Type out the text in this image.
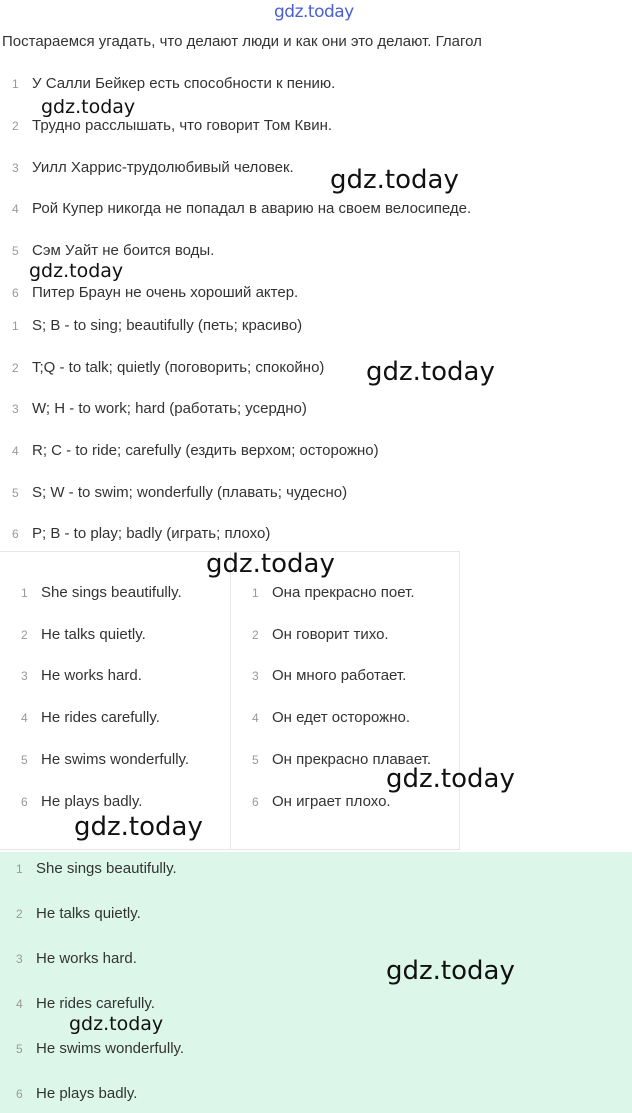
gdz.today
Постараемся угадать, что делают люди и как они это делают. Глагол
1 У Салли Бейкер есть способности к пению.
2 Трудно расслышать, что говорит Том Квин.
3 Уилл Харрис-трудолюбивый человек.
4 Рой Купер никогда не попадал в аварию на своем велосипеде.
5 Сэм Уайт не боится воды.
6 Питер Браун не очень хороший актер.
1 S; B - to sing; beautifully (петь; красиво)
2 T;Q - to talk; quietly (поговорить; спокойно)
3 W; H - to work; hard (работать; усердно)
4 R; C - to ride; carefully (ездить верхом; осторожно)
5 S; W - to swim; wonderfully (плавать; чудесно)
6 P; B - to play; badly (играть; плохо)
1 She sings beautifully.
2 He talks quietly.
3 He works hard.
4 He rides carefully.
5 He swims wonderfully.
6 He plays badly.
1 Она прекрасно поет.
2 Он говорит тихо.
3 Он много работает.
4 Он едет осторожно.
5 Он прекрасно плавает.
6 Он играет плохо.
1 She sings beautifully.
2 He talks quietly.
3 He works hard.
4 He rides carefully.
5 He swims wonderfully.
6 He plays badly.
gdz.today
gdz.today
gdz.today
gdz.today
gdz.today
gdz.today
gdz.today
gdz.today
gdz.today
